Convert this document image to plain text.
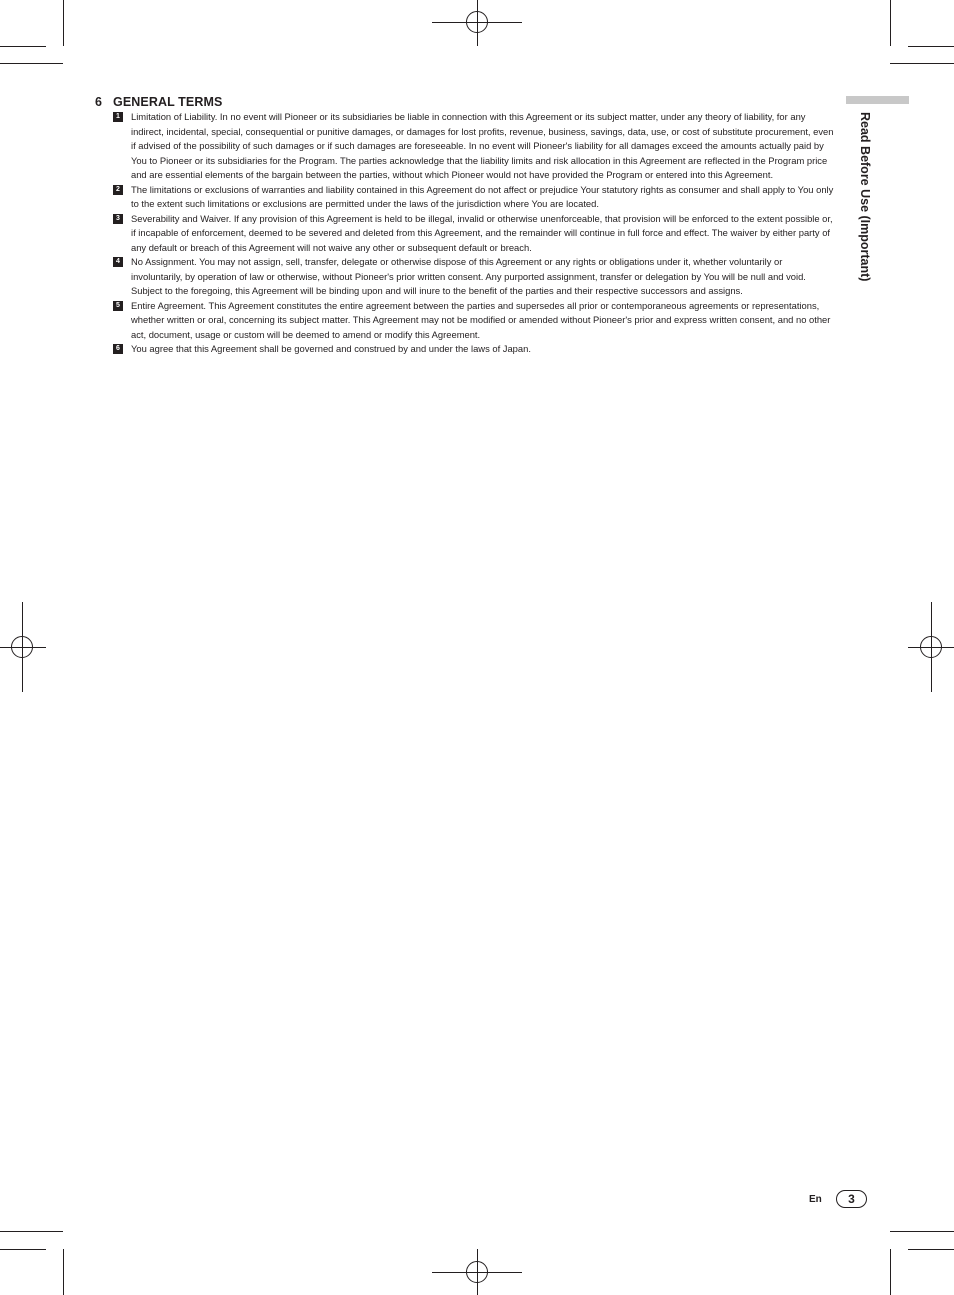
6 GENERAL TERMS
1	Limitation of Liability. In no event will Pioneer or its subsidiaries be liable in connection with this Agreement or its subject matter, under any theory of liability, for any indirect, incidental, special, consequential or punitive damages, or damages for lost profits, revenue, business, savings, data, use, or cost of substitute procurement, even if advised of the possibility of such damages or if such damages are foreseeable. In no event will Pioneer's liability for all damages exceed the amounts actually paid by You to Pioneer or its subsidiaries for the Program. The parties acknowledge that the liability limits and risk allocation in this Agreement are reflected in the Program price and are essential elements of the bargain between the parties, without which Pioneer would not have provided the Program or entered into this Agreement.
2	The limitations or exclusions of warranties and liability contained in this Agreement do not affect or prejudice Your statutory rights as consumer and shall apply to You only to the extent such limitations or exclusions are permitted under the laws of the jurisdiction where You are located.
3	Severability and Waiver. If any provision of this Agreement is held to be illegal, invalid or otherwise unenforceable, that provision will be enforced to the extent possible or, if incapable of enforcement, deemed to be severed and deleted from this Agreement, and the remainder will continue in full force and effect. The waiver by either party of any default or breach of this Agreement will not waive any other or subsequent default or breach.
4	No Assignment. You may not assign, sell, transfer, delegate or otherwise dispose of this Agreement or any rights or obligations under it, whether voluntarily or involuntarily, by operation of law or otherwise, without Pioneer's prior written consent. Any purported assignment, transfer or delegation by You will be null and void. Subject to the foregoing, this Agreement will be binding upon and will inure to the benefit of the parties and their respective successors and assigns.
5	Entire Agreement. This Agreement constitutes the entire agreement between the parties and supersedes all prior or contemporaneous agreements or representations, whether written or oral, concerning its subject matter. This Agreement may not be modified or amended without Pioneer's prior and express written consent, and no other act, document, usage or custom will be deemed to amend or modify this Agreement.
6	You agree that this Agreement shall be governed and construed by and under the laws of Japan.
Read Before Use (Important)
En	3
